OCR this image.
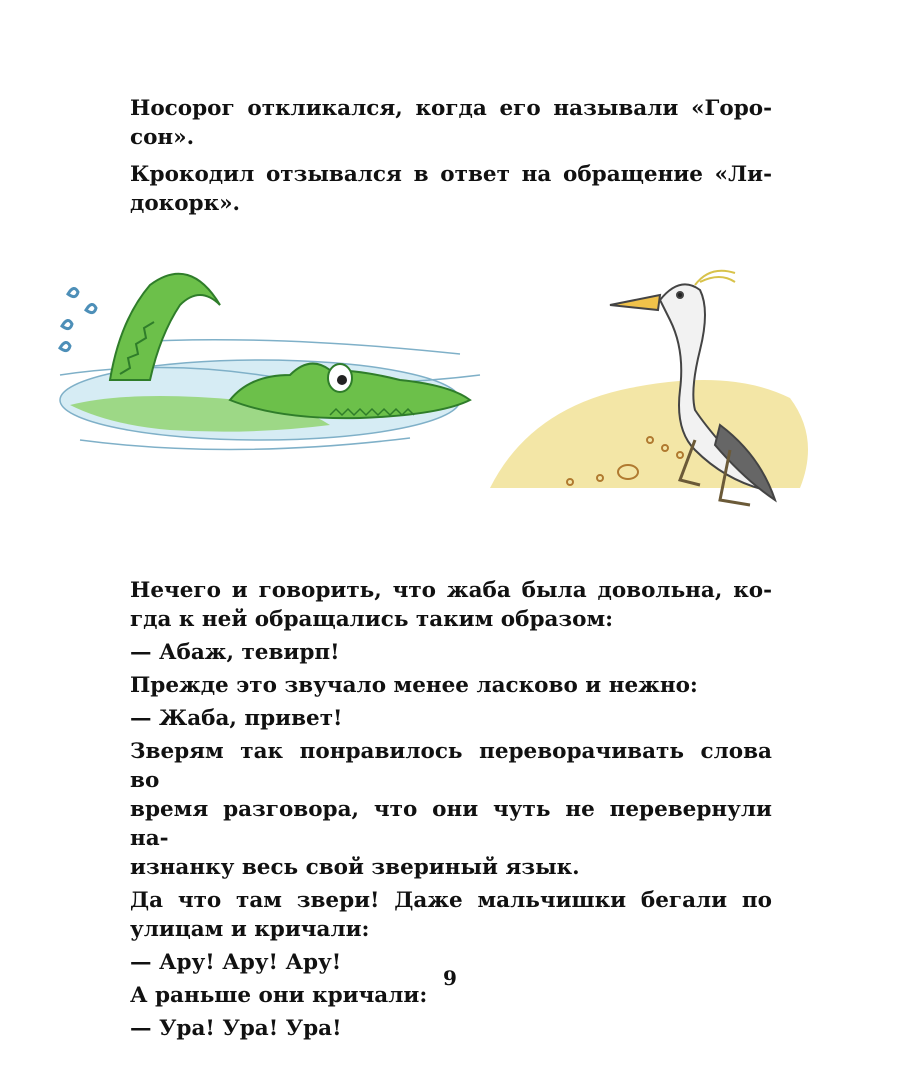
Носорог откликался, когда его называли «Горо-
сон».

Крокодил отзывался в ответ на обращение «Ли-
докорк».

Нечего и говорить, что жаба была довольна, ко-
гда к ней обращались таким образом:

— Абаж, тевирп!

Прежде это звучало менее ласково и нежно:

— Жаба, привет!

Зверям так понравилось переворачивать слова во
время разговора, что они чуть не перевернули на-
изнанку весь свой звериный язык.

Да что там звери! Даже мальчишки бегали по
улицам и кричали:

— Ару! Ару! Ару!

А раньше они кричали:

— Ура! Ура! Ура!

9
